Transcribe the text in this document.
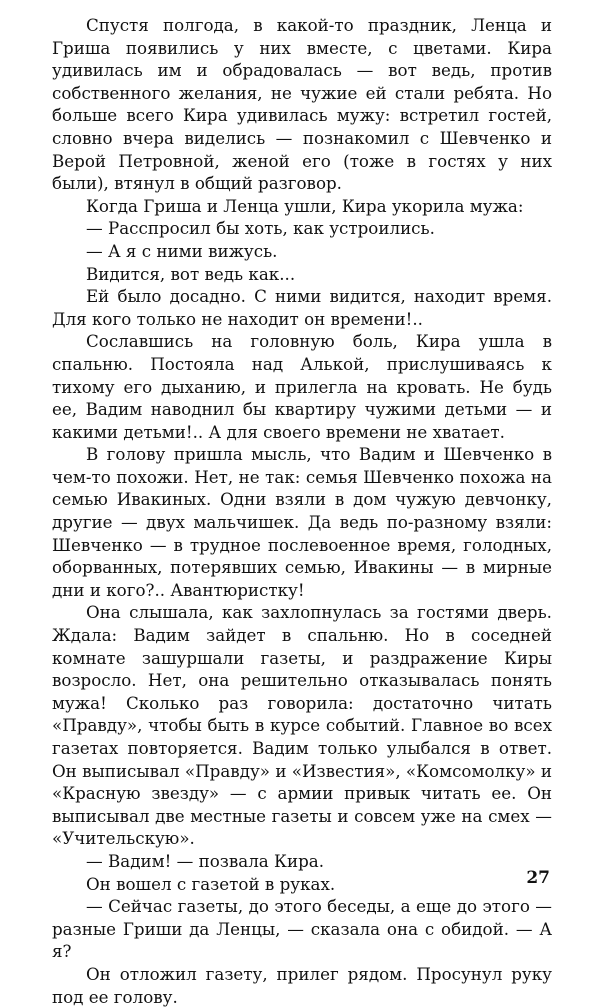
Спустя полгода, в какой-то праздник, Ленца и Гриша появились у них вместе, с цветами. Кира удивилась им и обрадовалась — вот ведь, против собственного желания, не чужие ей стали ребята. Но больше всего Кира удивилась мужу: встретил гостей, словно вчера виделись — познакомил с Шевченко и Верой Петровной, женой его (тоже в гостях у них были), втянул в общий разговор.

Когда Гриша и Ленца ушли, Кира укорила мужа:

— Расспросил бы хоть, как устроились.

— А я с ними вижусь.

Видится, вот ведь как...

Ей было досадно. С ними видится, находит время. Для кого только не находит он времени!..

Сославшись на головную боль, Кира ушла в спальню. Постояла над Алькой, прислушиваясь к тихому его дыханию, и прилегла на кровать. Не будь ее, Вадим наводнил бы квартиру чужими детьми — и какими детьми!.. А для своего времени не хватает.

В голову пришла мысль, что Вадим и Шевченко в чем-то похожи. Нет, не так: семья Шевченко похожа на семью Ивакиных. Одни взяли в дом чужую девчонку, другие — двух мальчишек. Да ведь по-разному взяли: Шевченко — в трудное послевоенное время, голодных, оборванных, потерявших семью, Ивакины — в мирные дни и кого?.. Авантюристку!

Она слышала, как захлопнулась за гостями дверь. Ждала: Вадим зайдет в спальню. Но в соседней комнате зашуршали газеты, и раздражение Киры возросло. Нет, она решительно отказывалась понять мужа! Сколько раз говорила: достаточно читать «Правду», чтобы быть в курсе событий. Главное во всех газетах повторяется. Вадим только улыбался в ответ. Он выписывал «Правду» и «Известия», «Комсомолку» и «Красную звезду» — с армии привык читать ее. Он выписывал две местные газеты и совсем уже на смех — «Учительскую».

— Вадим! — позвала Кира.

Он вошел с газетой в руках.

— Сейчас газеты, до этого беседы, а еще до этого — разные Гриши да Ленцы, — сказала она с обидой. — А я?

Он отложил газету, прилег рядом. Просунул руку под ее голову.

27
